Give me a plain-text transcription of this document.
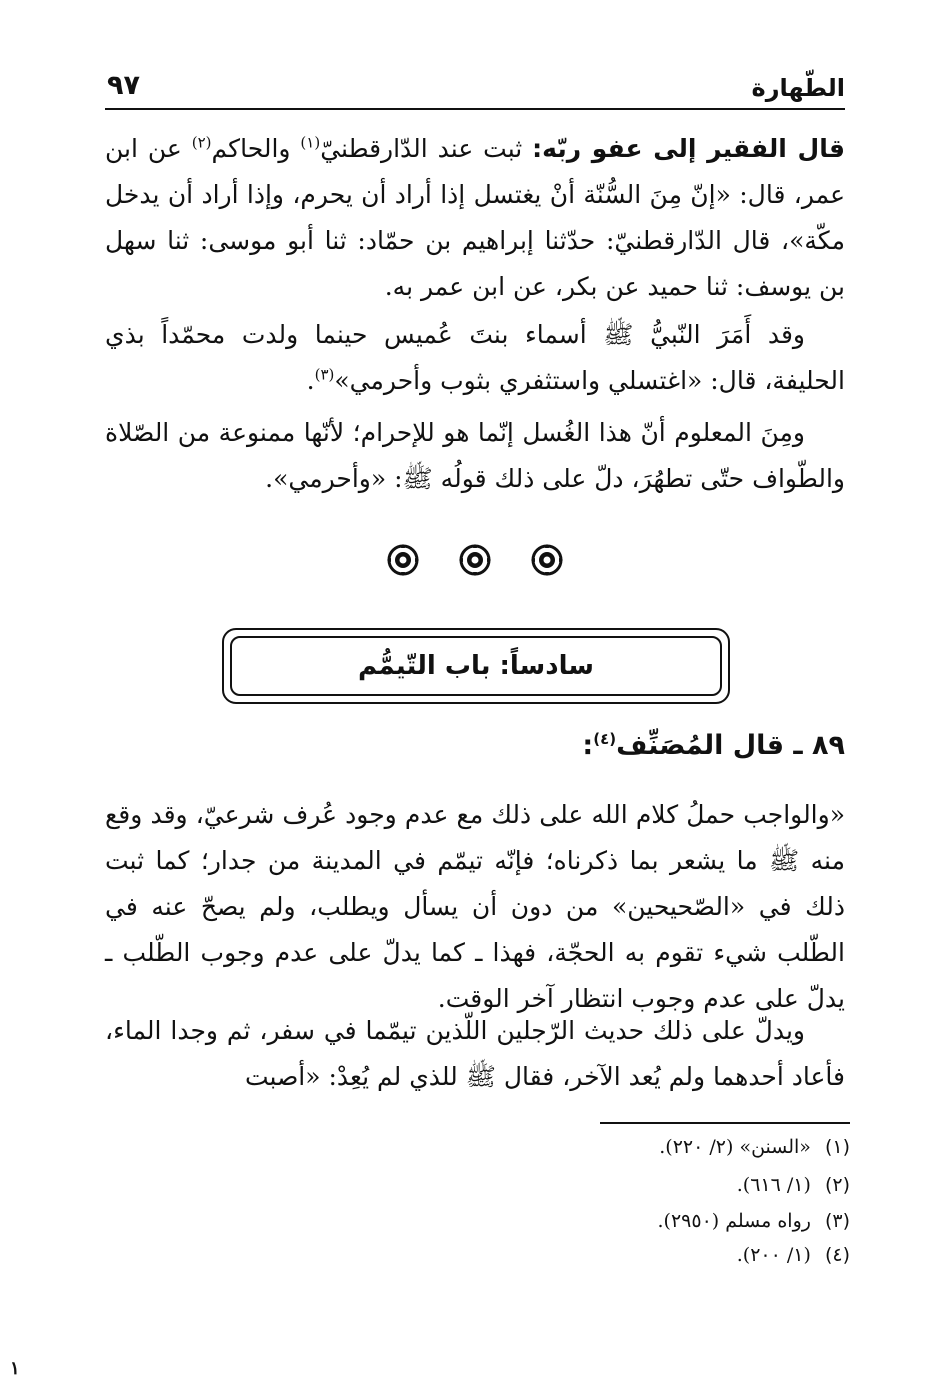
الطّهارة
٩٧
قال الفقير إلى عفو ربّه: ثبت عند الدّارقطنيّ$^{(١)}$ والحاكم$^{(٢)}$ عن ابن عمر، قال: «إنّ مِنَ السُّنّة أنْ يغتسل إذا أراد أن يحرم، وإذا أراد أن يدخل مكّة»، قال الدّارقطنيّ: حدّثنا إبراهيم بن حمّاد: ثنا أبو موسى: ثنا سهل بن يوسف: ثنا حميد عن بكر، عن ابن عمر به.
وقد أَمَرَ النّبيُّ ﷺ أسماء بنتَ عُميس حينما ولدت محمّداً بذي الحليفة، قال: «اغتسلي واستثفري بثوب وأحرمي»$^{(٣)}$.
ومِنَ المعلوم أنّ هذا الغُسل إنّما هو للإحرام؛ لأنّها ممنوعة من الصّلاة والطّواف حتّى تطهُرَ، دلّ على ذلك قولُه ﷺ: «وأحرمي».
سادساً: باب التّيمُّم
٨٩ ـ قال المُصَنِّف$^{(٤)}$:
«والواجب حملُ كلام الله على ذلك مع عدم وجود عُرف شرعيّ، وقد وقع منه ﷺ ما يشعر بما ذكرناه؛ فإنّه تيمّم في المدينة من جدار؛ كما ثبت ذلك في «الصّحيحين» من دون أن يسأل ويطلب، ولم يصحّ عنه في الطّلب شيء تقوم به الحجّة، فهذا ـ كما يدلّ على عدم وجوب الطّلب ـ يدلّ على عدم وجوب انتظار آخر الوقت.
ويدلّ على ذلك حديث الرّجلين اللّذين تيمّما في سفر، ثم وجدا الماء، فأعاد أحدهما ولم يُعد الآخر، فقال ﷺ للذي لم يُعِدْ: «أصبت
(١)«السنن» (٢/ ٢٢٠).
(٢)(١/ ٦١٦).
(٣)رواه مسلم (٢٩٥٠).
(٤)(١/ ٢٠٠).
١
